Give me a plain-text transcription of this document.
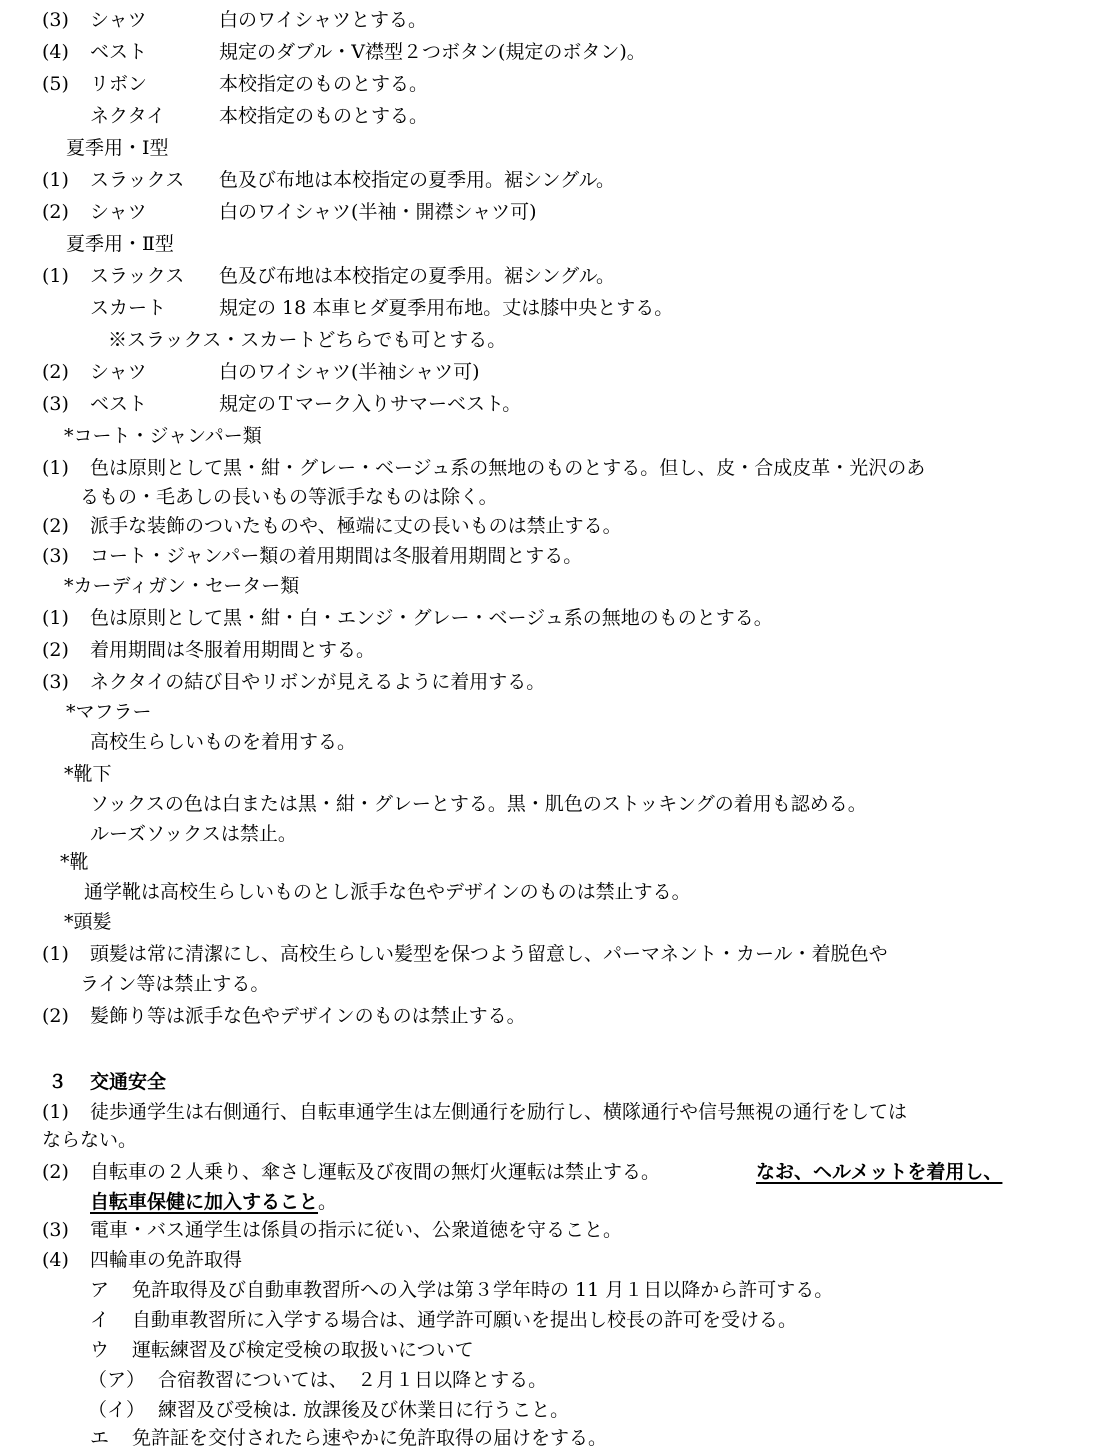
(3) シャツ	白のワイシャツとする。
(4) ベスト	規定のダブル・V襟型２つボタン(規定のボタン)。
(5) リボン	本校指定のものとする。
ネクタイ	本校指定のものとする。
夏季用・Ⅰ型
(1) スラックス 色及び布地は本校指定の夏季用。裾シングル。
(2) シャツ	白のワイシャツ(半袖・開襟シャツ可)
夏季用・Ⅱ型
(1) スラックス 色及び布地は本校指定の夏季用。裾シングル。
スカート	規定の 18 本車ヒダ夏季用布地。丈は膝中央とする。
※スラックス・スカートどちらでも可とする。
(2) シャツ	白のワイシャツ(半袖シャツ可)
(3) ベスト	規定のＴマーク入りサマーベスト。
*コート・ジャンパー類
(1) 色は原則として黒・紺・グレー・ベージュ系の無地のものとする。但し、皮・合成皮革・光沢のあ
るもの・毛あしの長いもの等派手なものは除く。
(2) 派手な装飾のついたものや、極端に丈の長いものは禁止する。
(3) コート・ジャンパー類の着用期間は冬服着用期間とする。
*カーディガン・セーター類
(1) 色は原則として黒・紺・白・エンジ・グレー・ベージュ系の無地のものとする。
(2) 着用期間は冬服着用期間とする。
(3) ネクタイの結び目やリボンが見えるように着用する。
*マフラー
高校生らしいものを着用する。
*靴下
ソックスの色は白または黒・紺・グレーとする。黒・肌色のストッキングの着用も認める。
ルーズソックスは禁止。
*靴
通学靴は高校生らしいものとし派手な色やデザインのものは禁止する。
*頭髪
(1) 頭髪は常に清潔にし、高校生らしい髪型を保つよう留意し、パーマネント・カール・着脱色や
ライン等は禁止する。
(2) 髪飾り等は派手な色やデザインのものは禁止する。
３ 交通安全
(1) 徒歩通学生は右側通行、自転車通学生は左側通行を励行し、横隊通行や信号無視の通行をしては
ならない。
(2) 自転車の２人乗り、傘さし運転及び夜間の無灯火運転は禁止する。	なお、ヘルメットを着用し、
自転車保健に加入すること。
(3) 電車・バス通学生は係員の指示に従い、公衆道徳を守ること。
(4) 四輪車の免許取得
ア 免許取得及び自動車教習所への入学は第３学年時の 11 月１日以降から許可する。
イ 自動車教習所に入学する場合は、通学許可願いを提出し校長の許可を受ける。
ウ 運転練習及び検定受検の取扱いについて
（ア） 合宿教習については、　２月１日以降とする。
（イ） 練習及び受検は. 放課後及び休業日に行うこと。
エ 免許証を交付されたら速やかに免許取得の届けをする。
